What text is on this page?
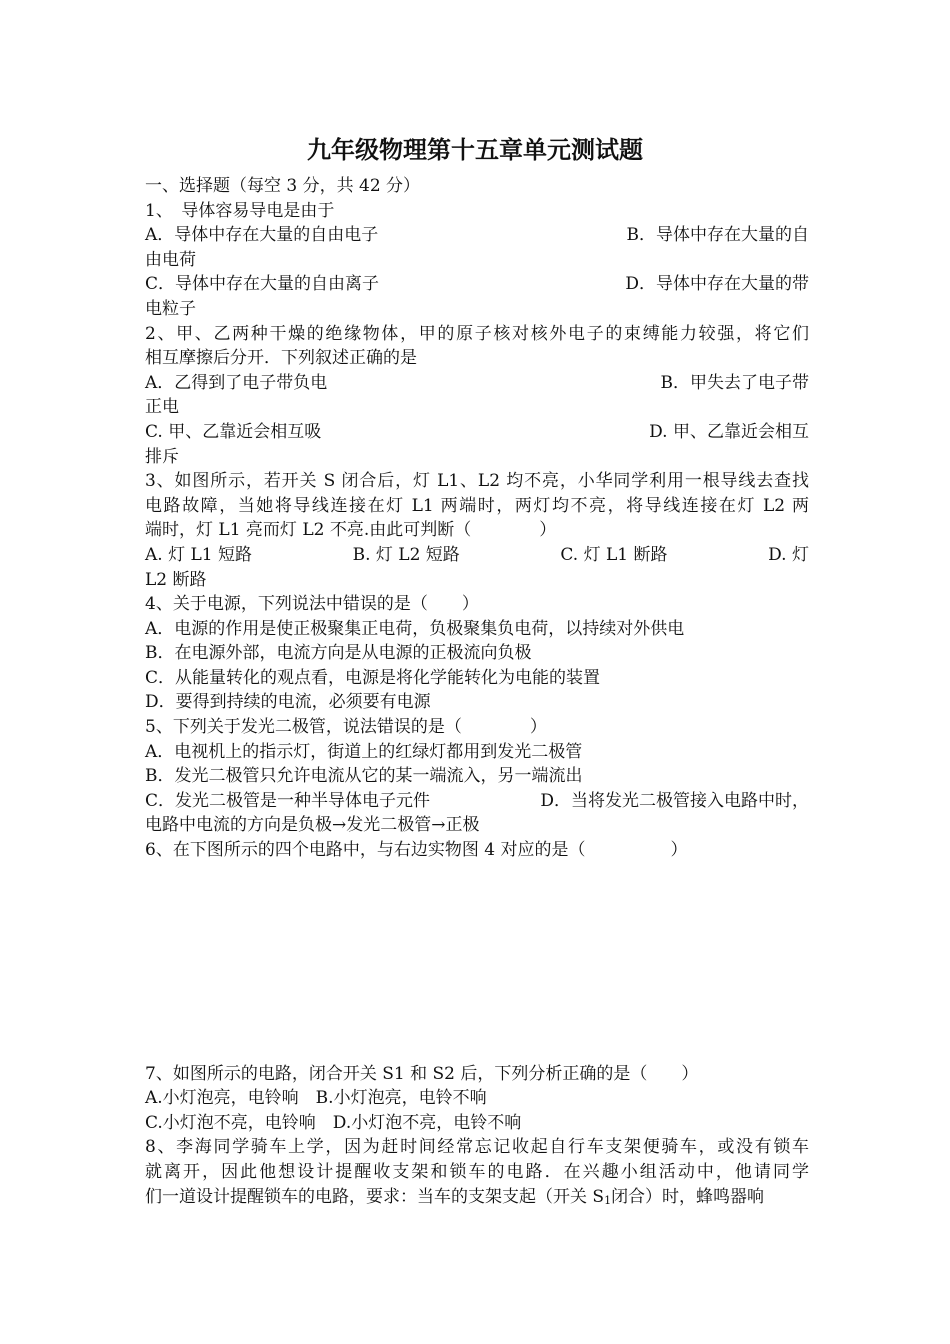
九年级物理第十五章单元测试题
一、选择题（每空 3 分，共 42 分）
1、　导体容易导电是由于
A．导体中存在大量的自由电子	B．导体中存在大量的自
由电荷
C．导体中存在大量的自由离子	D．导体中存在大量的带
电粒子
2、甲、乙两种干燥的绝缘物体，甲的原子核对核外电子的束缚能力较强，将它们
相互摩擦后分开．下列叙述正确的是
A．乙得到了电子带负电	B．甲失去了电子带
正电
C. 甲、乙靠近会相互吸	D. 甲、乙靠近会相互
排斥
3、如图所示，若开关 S 闭合后，灯 L1、L2 均不亮，小华同学利用一根导线去查找
电路故障，当她将导线连接在灯 L1 两端时，两灯均不亮，将导线连接在灯 L2 两
端时，灯 L1 亮而灯 L2 不亮.由此可判断（　　　　）
A. 灯 L1 短路	B. 灯 L2 短路	C. 灯 L1 断路	D. 灯
L2 断路
4、关于电源，下列说法中错误的是（　　）
A．电源的作用是使正极聚集正电荷，负极聚集负电荷，以持续对外供电
B．在电源外部，电流方向是从电源的正极流向负极
C．从能量转化的观点看，电源是将化学能转化为电能的装置
D．要得到持续的电流，必须要有电源
5、下列关于发光二极管，说法错误的是（　　　　）
A．电视机上的指示灯，街道上的红绿灯都用到发光二极管
B．发光二极管只允许电流从它的某一端流入，另一端流出
C．发光二极管是一种半导体电子元件	D．当将发光二极管接入电路中时，
电路中电流的方向是负极→发光二极管→正极
6、在下图所示的四个电路中，与右边实物图 4 对应的是（　　　　　）
7、如图所示的电路，闭合开关 S1 和 S2 后，下列分析正确的是（　　）
A.小灯泡亮，电铃响　B.小灯泡亮，电铃不响
C.小灯泡不亮，电铃响　D.小灯泡不亮，电铃不响
8、李海同学骑车上学，因为赶时间经常忘记收起自行车支架便骑车，或没有锁车
就离开，因此他想设计提醒收支架和锁车的电路．在兴趣小组活动中，他请同学
们一道设计提醒锁车的电路，要求：当车的支架支起（开关 S1闭合）时，蜂鸣器响
